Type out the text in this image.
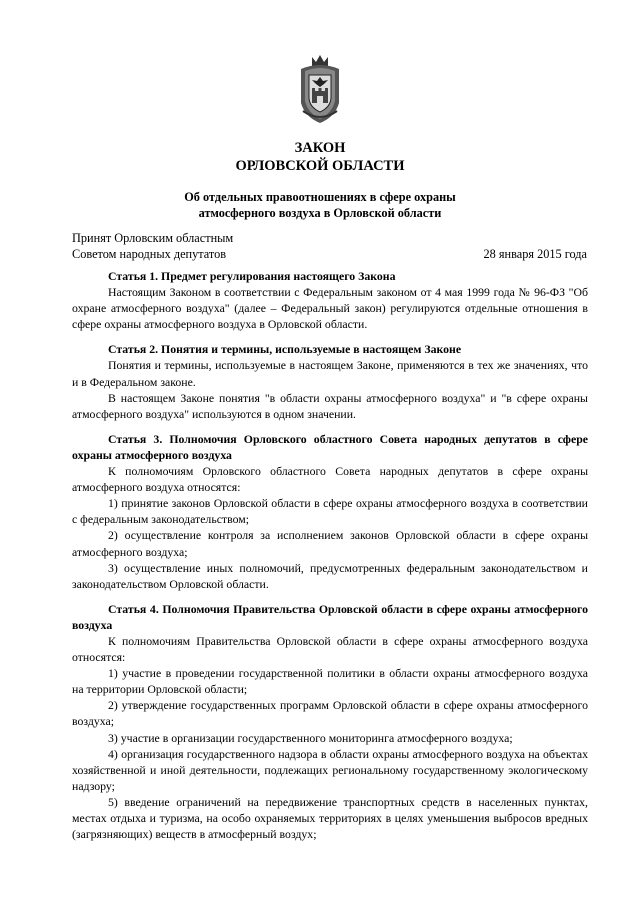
ЗАКОН
ОРЛОВСКОЙ ОБЛАСТИ
Об отдельных правоотношениях в сфере охраны
атмосферного воздуха в Орловской области
Принят Орловским областным
Советом народных депутатов	28 января 2015 года

Статья 1. Предмет регулирования настоящего Закона

Настоящим Законом в соответствии с Федеральным законом от 4 мая 1999 года № 96-ФЗ "Об охране атмосферного воздуха" (далее – Федеральный закон) регулируются отдельные отношения в сфере охраны атмосферного воздуха в Орловской области.

Статья 2. Понятия и термины, используемые в настоящем Законе

Понятия и термины, используемые в настоящем Законе, применяются в тех же значениях, что и в Федеральном законе.

В настоящем Законе понятия "в области охраны атмосферного воздуха" и "в сфере охраны атмосферного воздуха" используются в одном значении.

Статья 3. Полномочия Орловского областного Совета народных депутатов в сфере охраны атмосферного воздуха

К полномочиям Орловского областного Совета народных депутатов в сфере охраны атмосферного воздуха относятся:

1) принятие законов Орловской области в сфере охраны атмосферного воздуха в соответствии с федеральным законодательством;

2) осуществление контроля за исполнением законов Орловской области в сфере охраны атмосферного воздуха;

3) осуществление иных полномочий, предусмотренных федеральным законодательством и законодательством Орловской области.

Статья 4. Полномочия Правительства Орловской области в сфере охраны атмосферного воздуха

К полномочиям Правительства Орловской области в сфере охраны атмосферного воздуха относятся:

1) участие в проведении государственной политики в области охраны атмосферного воздуха на территории Орловской области;

2) утверждение государственных программ Орловской области в сфере охраны атмосферного воздуха;

3) участие в организации государственного мониторинга атмосферного воздуха;

4) организация государственного надзора в области охраны атмосферного воздуха на объектах хозяйственной и иной деятельности, подлежащих региональному государственному экологическому надзору;

5) введение ограничений на передвижение транспортных средств в населенных пунктах, местах отдыха и туризма, на особо охраняемых территориях в целях уменьшения выбросов вредных (загрязняющих) веществ в атмосферный воздух;
